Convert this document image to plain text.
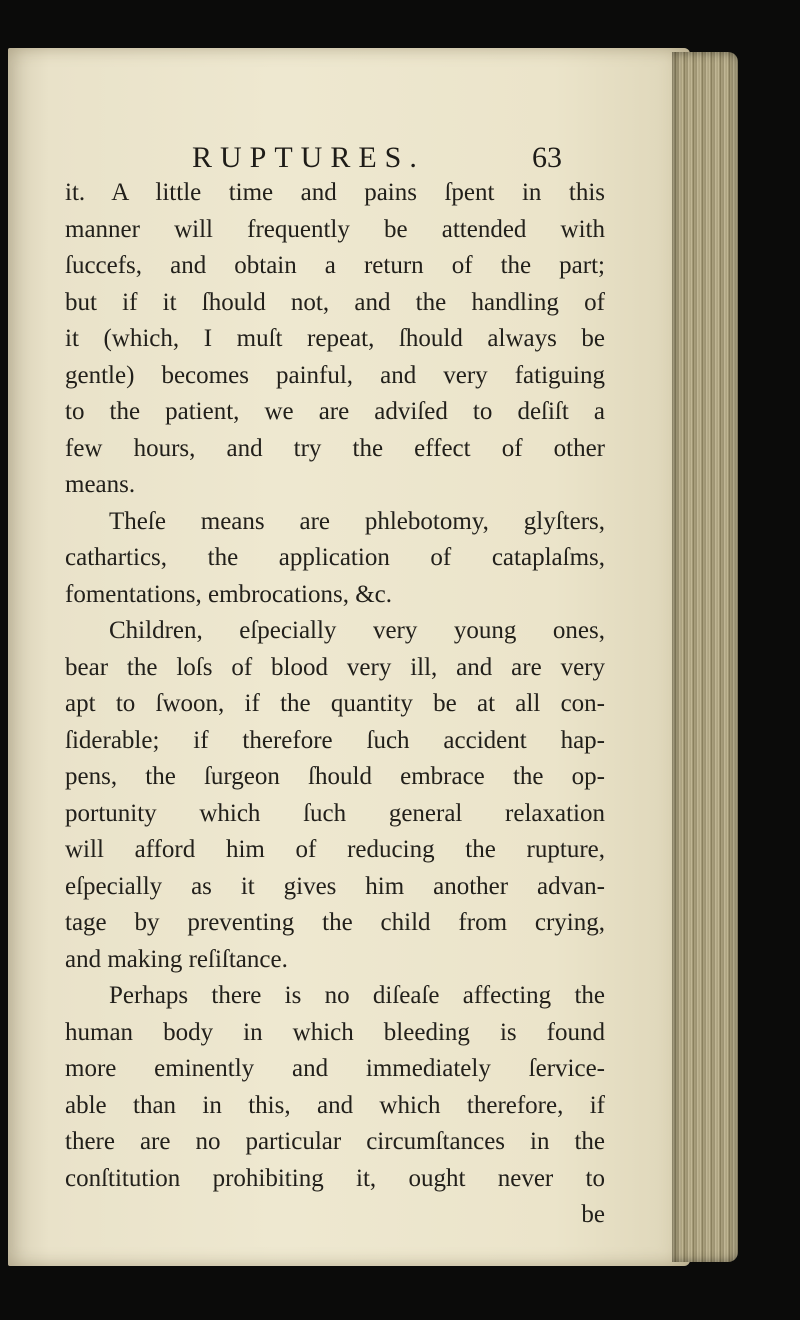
RUPTURES.	63
it. A little time and pains ſpent in this
manner will frequently be attended with
ſuccefs, and obtain a return of the part;
but if it ſhould not, and the handling of
it (which, I muſt repeat, ſhould always be
gentle) becomes painful, and very fatiguing
to the patient, we are adviſed to deſiſt a
few hours, and try the effect of other
means.
Theſe means are phlebotomy, glyſters,
cathartics, the application of cataplaſms,
fomentations, embrocations, &c.
Children, eſpecially very young ones,
bear the loſs of blood very ill, and are very
apt to ſwoon, if the quantity be at all con-
ſiderable; if therefore ſuch accident hap-
pens, the ſurgeon ſhould embrace the op-
portunity which ſuch general relaxation
will afford him of reducing the rupture,
eſpecially as it gives him another advan-
tage by preventing the child from crying,
and making reſiſtance.
Perhaps there is no diſeaſe affecting the
human body in which bleeding is found
more eminently and immediately ſervice-
able than in this, and which therefore, if
there are no particular circumſtances in the
conſtitution prohibiting it, ought never to
be
